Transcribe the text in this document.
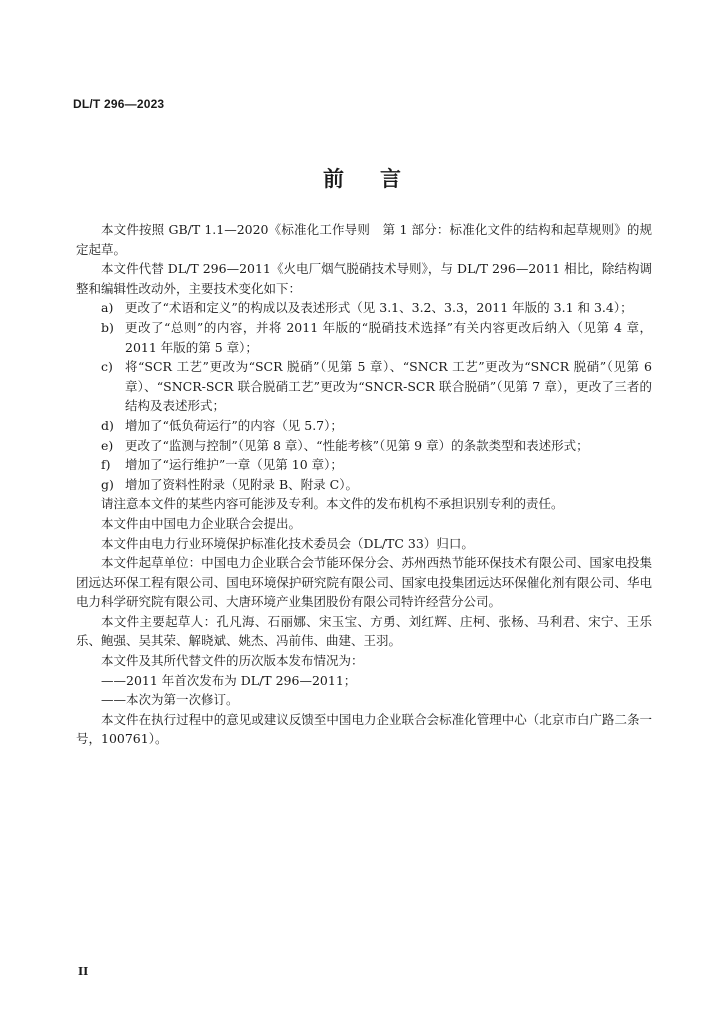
DL/T 296—2023
前言

本文件按照 GB/T 1.1—2020《标准化工作导则　第 1 部分：标准化文件的结构和起草规则》的规定起草。

本文件代替 DL/T 296—2011《火电厂烟气脱硝技术导则》，与 DL/T 296—2011 相比，除结构调整和编辑性改动外，主要技术变化如下：

a) 更改了“术语和定义”的构成以及表述形式（见 3.1、3.2、3.3，2011 年版的 3.1 和 3.4）；
b) 更改了“总则”的内容，并将 2011 年版的“脱硝技术选择”有关内容更改后纳入（见第 4 章，2011 年版的第 5 章）；
c) 将“SCR 工艺”更改为“SCR 脱硝”（见第 5 章）、“SNCR 工艺”更改为“SNCR 脱硝”（见第 6 章）、“SNCR-SCR 联合脱硝工艺”更改为“SNCR-SCR 联合脱硝”（见第 7 章），更改了三者的结构及表述形式；
d) 增加了“低负荷运行”的内容（见 5.7）；
e) 更改了“监测与控制”（见第 8 章）、“性能考核”（见第 9 章）的条款类型和表述形式；
f)	增加了“运行维护”一章（见第 10 章）；
g) 增加了资料性附录（见附录 B、附录 C）。

请注意本文件的某些内容可能涉及专利。本文件的发布机构不承担识别专利的责任。

本文件由中国电力企业联合会提出。

本文件由电力行业环境保护标准化技术委员会（DL/TC 33）归口。

本文件起草单位：中国电力企业联合会节能环保分会、苏州西热节能环保技术有限公司、国家电投集团远达环保工程有限公司、国电环境保护研究院有限公司、国家电投集团远达环保催化剂有限公司、华电电力科学研究院有限公司、大唐环境产业集团股份有限公司特许经营分公司。

本文件主要起草人：孔凡海、石丽娜、宋玉宝、方勇、刘红辉、庄柯、张杨、马利君、宋宁、王乐乐、鲍强、吴其荣、解晓斌、姚杰、冯前伟、曲建、王羽。

本文件及其所代替文件的历次版本发布情况为：

——2011 年首次发布为 DL/T 296—2011；

——本次为第一次修订。

本文件在执行过程中的意见或建议反馈至中国电力企业联合会标准化管理中心（北京市白广路二条一号，100761）。

II
